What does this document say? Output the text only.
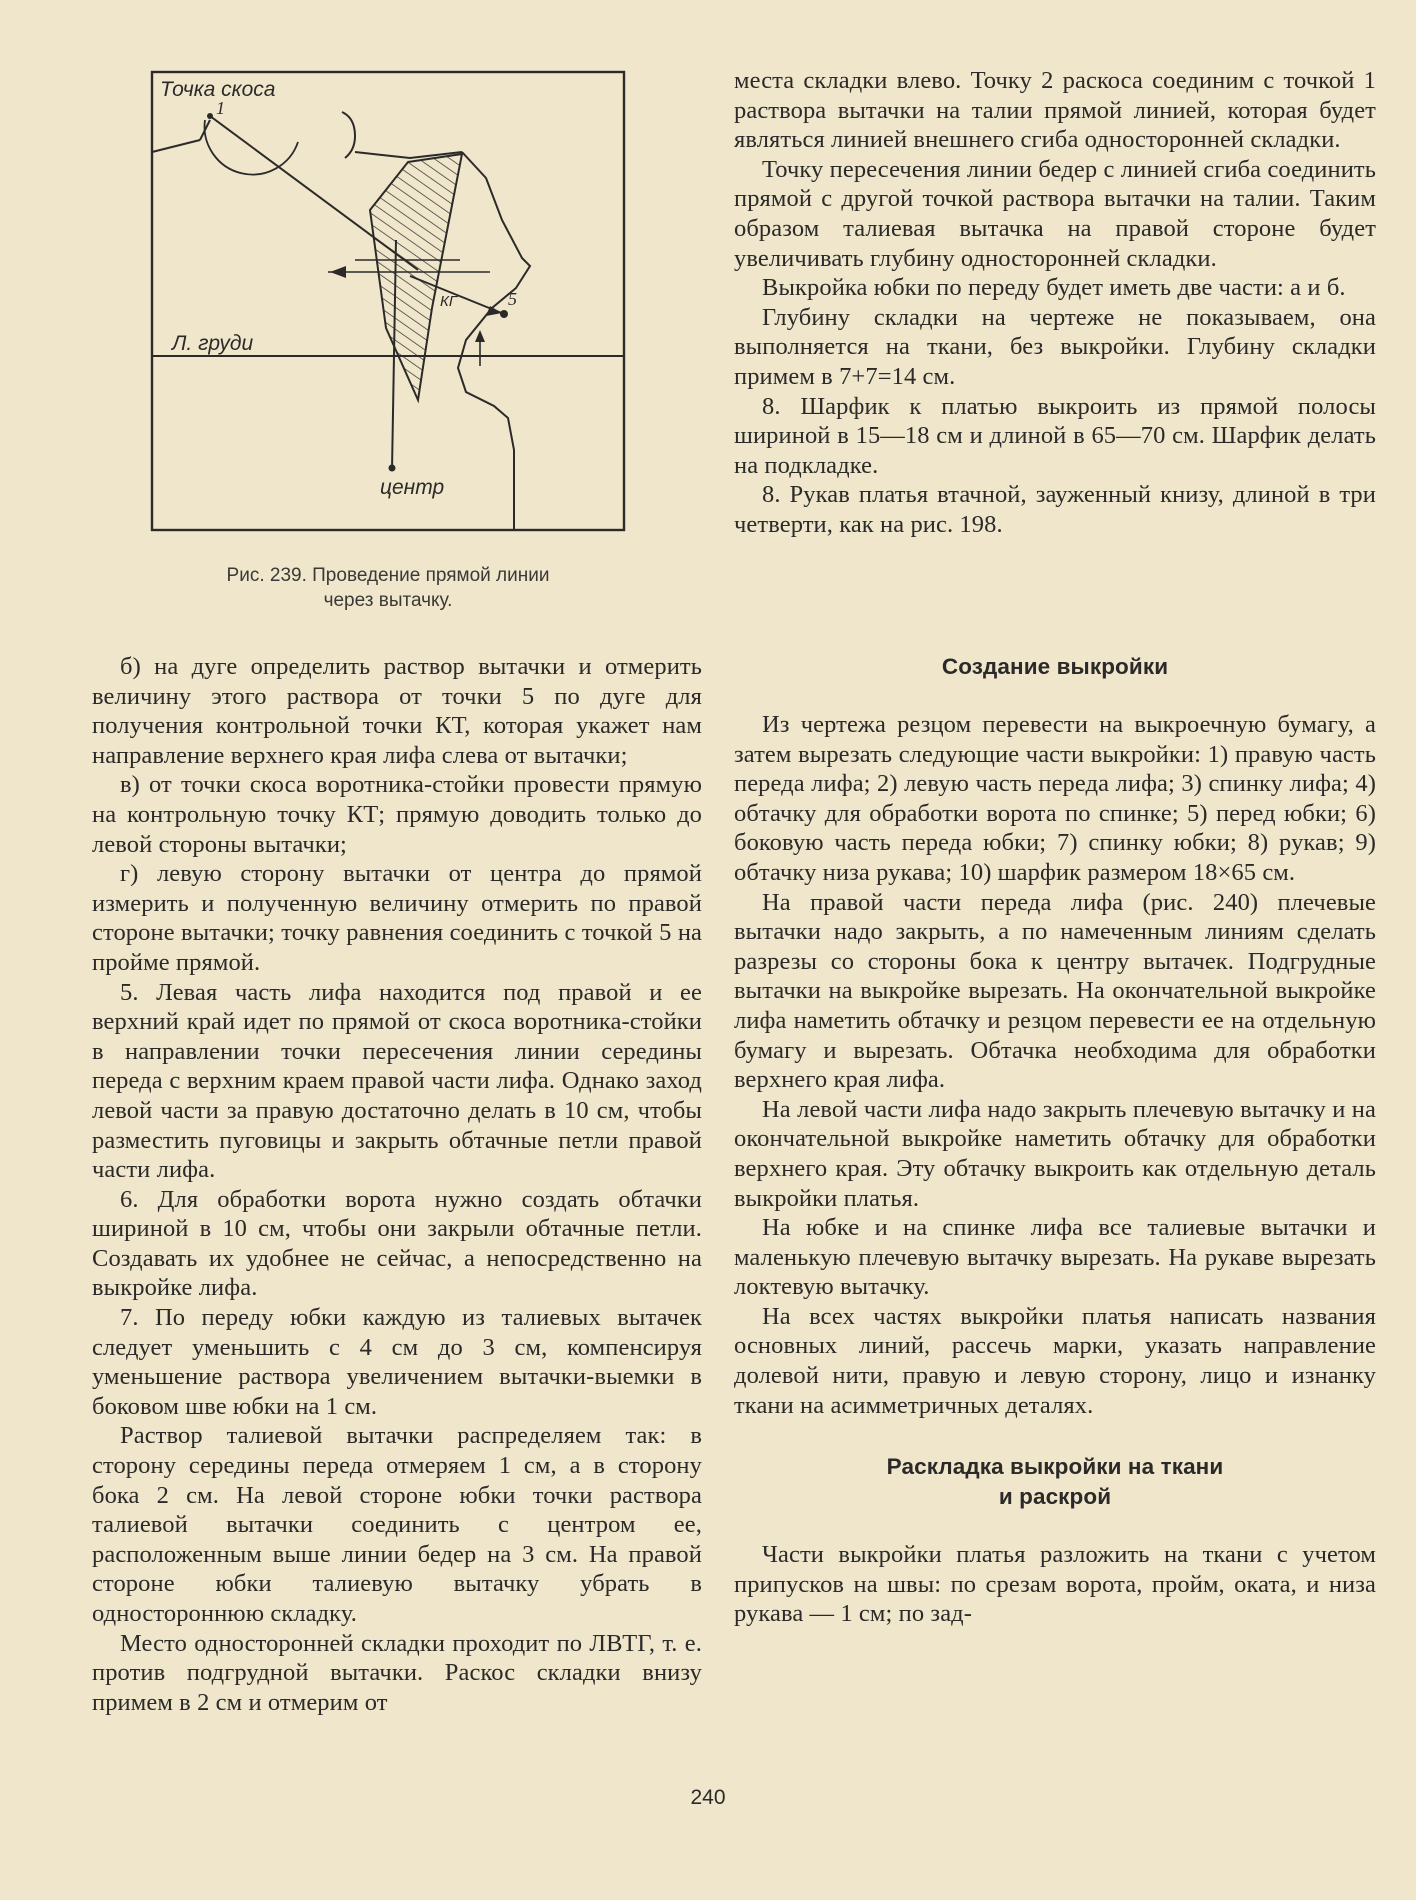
Точка скоса
1
5
КГ
Л. груди
центр
Рис. 239. Проведение прямой линии
через вытачку.

места складки влево. Точку 2 раскоса соединим с точкой 1 раствора вытачки на талии прямой линией, которая будет являться линией внешнего сгиба односторонней складки.

Точку пересечения линии бедер с линией сгиба соединить прямой с другой точкой раствора вытачки на талии. Таким образом талиевая вытачка на правой стороне будет увеличивать глубину односторонней складки.

Выкройка юбки по переду будет иметь две части: а и б.

Глубину складки на чертеже не показываем, она выполняется на ткани, без выкройки. Глубину складки примем в 7+7=14 см.

8. Шарфик к платью выкроить из прямой полосы шириной в 15—18 см и длиной в 65—70 см. Шарфик делать на подкладке.

8. Рукав платья втачной, зауженный книзу, длиной в три четверти, как на рис. 198.

б) на дуге определить раствор вытачки и отмерить величину этого раствора от точки 5 по дуге для получения контрольной точки КТ, которая укажет нам направление верхнего края лифа слева от вытачки;

в) от точки скоса воротника-стойки провести прямую на контрольную точку КТ; прямую доводить только до левой стороны вытачки;

г) левую сторону вытачки от центра до прямой измерить и полученную величину отмерить по правой стороне вытачки; точку равнения соединить с точкой 5 на пройме прямой.

5. Левая часть лифа находится под правой и ее верхний край идет по прямой от скоса воротника-стойки в направлении точки пересечения линии середины переда с верхним краем правой части лифа. Однако заход левой части за правую достаточно делать в 10 см, чтобы разместить пуговицы и закрыть обтачные петли правой части лифа.

6. Для обработки ворота нужно создать обтачки шириной в 10 см, чтобы они закрыли обтачные петли. Создавать их удобнее не сейчас, а непосредственно на выкройке лифа.

7. По переду юбки каждую из талиевых вытачек следует уменьшить с 4 см до 3 см, компенсируя уменьшение раствора увеличением вытачки-выемки в боковом шве юбки на 1 см.

Раствор талиевой вытачки распределяем так: в сторону середины переда отмеряем 1 см, а в сторону бока 2 см. На левой стороне юбки точки раствора талиевой вытачки соединить с центром ее, расположенным выше линии бедер на 3 см. На правой стороне юбки талиевую вытачку убрать в одностороннюю складку.

Место односторонней складки проходит по ЛВТГ, т. е. против подгрудной вытачки. Раскос складки внизу примем в 2 см и отмерим от

Создание выкройки

Из чертежа резцом перевести на выкроечную бумагу, а затем вырезать следующие части выкройки: 1) правую часть переда лифа; 2) левую часть переда лифа; 3) спинку лифа; 4) обтачку для обработки ворота по спинке; 5) перед юбки; 6) боковую часть переда юбки; 7) спинку юбки; 8) рукав; 9) обтачку низа рукава; 10) шарфик размером 18×65 см.

На правой части переда лифа (рис. 240) плечевые вытачки надо закрыть, а по намеченным линиям сделать разрезы со стороны бока к центру вытачек. Подгрудные вытачки на выкройке вырезать. На окончательной выкройке лифа наметить обтачку и резцом перевести ее на отдельную бумагу и вырезать. Обтачка необходима для обработки верхнего края лифа.

На левой части лифа надо закрыть плечевую вытачку и на окончательной выкройке наметить обтачку для обработки верхнего края. Эту обтачку выкроить как отдельную деталь выкройки платья.

На юбке и на спинке лифа все талиевые вытачки и маленькую плечевую вытачку вырезать. На рукаве вырезать локтевую вытачку.

На всех частях выкройки платья написать названия основных линий, рассечь марки, указать направление долевой нити, правую и левую сторону, лицо и изнанку ткани на асимметричных деталях.

Раскладка выкройки на ткани

и раскрой

Части выкройки платья разложить на ткани с учетом припусков на швы: по срезам ворота, пройм, оката, и низа рукава — 1 см; по зад-

240
